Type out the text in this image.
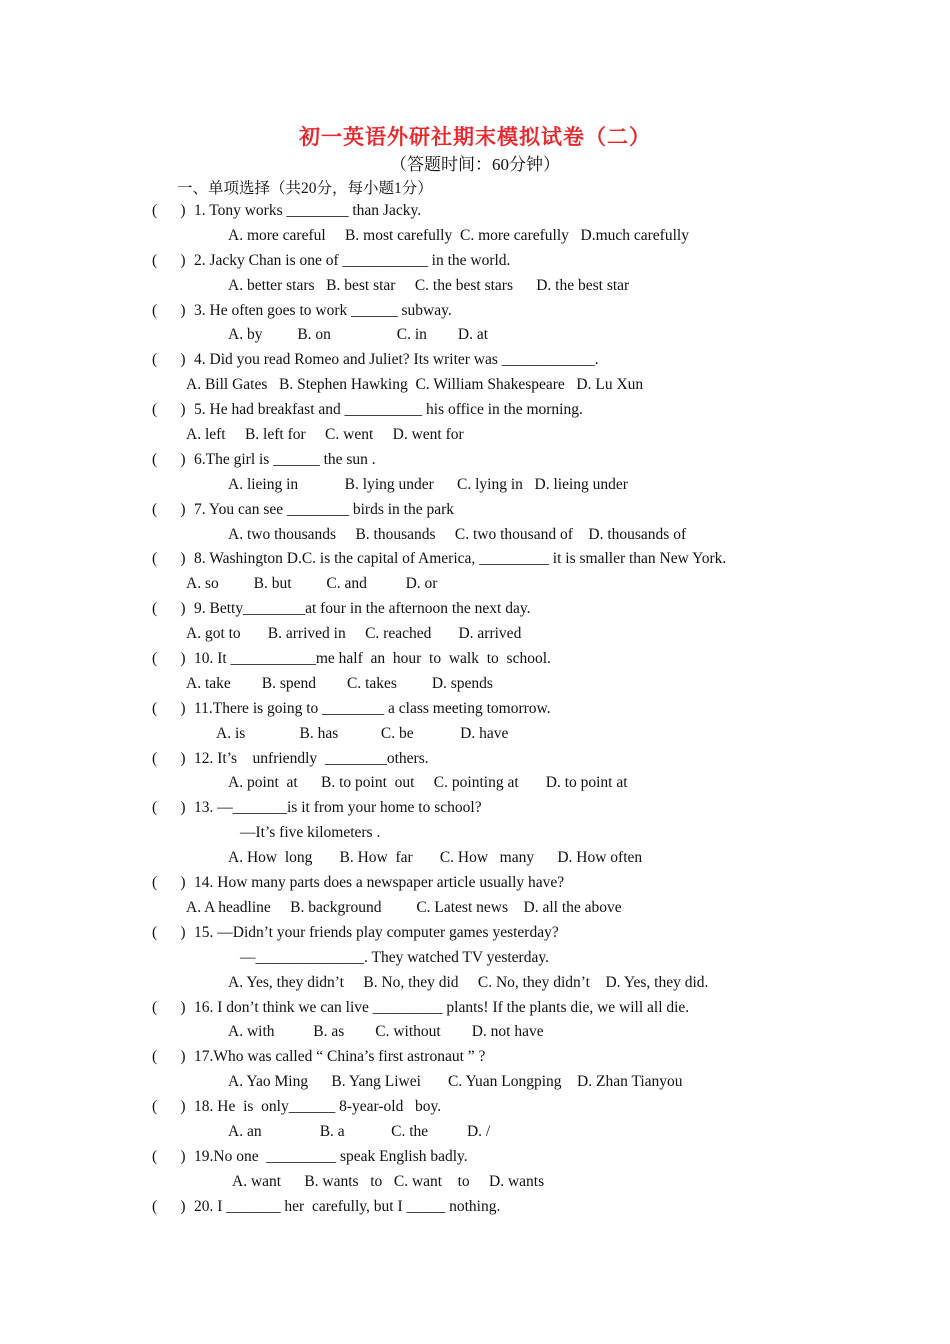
初一英语外研社期末模拟试卷（二）
（答题时间：60分钟）
一、单项选择（共20分，每小题1分）
(      ) 1. Tony works ________ than Jacky.
A. more careful     B. most carefully  C. more carefully   D.much carefully
(      ) 2. Jacky Chan is one of ___________ in the world.
A. better stars   B. best star     C. the best stars      D. the best star
(      ) 3. He often goes to work ______ subway.
A. by         B. on                 C. in        D. at
(      ) 4. Did you read Romeo and Juliet? Its writer was ____________.
A. Bill Gates   B. Stephen Hawking  C. William Shakespeare   D. Lu Xun
(      ) 5. He had breakfast and __________ his office in the morning.
A. left     B. left for     C. went     D. went for
(      ) 6.The girl is ______ the sun .
A. lieing in            B. lying under      C. lying in   D. lieing under
(      ) 7. You can see ________ birds in the park
A. two thousands     B. thousands     C. two thousand of    D. thousands of
(      ) 8. Washington D.C. is the capital of America, _________ it is smaller than New York.
A. so         B. but         C. and          D. or
(      ) 9. Betty________at four in the afternoon the next day.
A. got to       B. arrived in     C. reached       D. arrived
(      ) 10. It ___________me half  an  hour  to  walk  to  school.
A. take        B. spend        C. takes         D. spends
(      ) 11.There is going to ________ a class meeting tomorrow.
A. is              B. has           C. be            D. have
(      ) 12. It’s    unfriendly  ________others.
A. point  at      B. to point  out     C. pointing at       D. to point at
(      ) 13. —_______is it from your home to school?
—It’s five kilometers .
A. How  long       B. How  far       C. How   many      D. How often
(      ) 14. How many parts does a newspaper article usually have?
A. A headline     B. background         C. Latest news    D. all the above
(      ) 15. —Didn’t your friends play computer games yesterday?
—______________. They watched TV yesterday.
A. Yes, they didn’t     B. No, they did     C. No, they didn’t    D. Yes, they did.
(      ) 16. I don’t think we can live _________ plants! If the plants die, we will all die.
A. with          B. as        C. without        D. not have
(      ) 17.Who was called “ China’s first astronaut ” ?
A. Yao Ming      B. Yang Liwei       C. Yuan Longping    D. Zhan Tianyou
(      ) 18. He  is  only______ 8-year-old   boy.
A. an               B. a            C. the          D. /
(      ) 19.No one  _________ speak English badly.
A. want      B. wants   to   C. want    to     D. wants
(      ) 20. I _______ her  carefully, but I _____ nothing.
